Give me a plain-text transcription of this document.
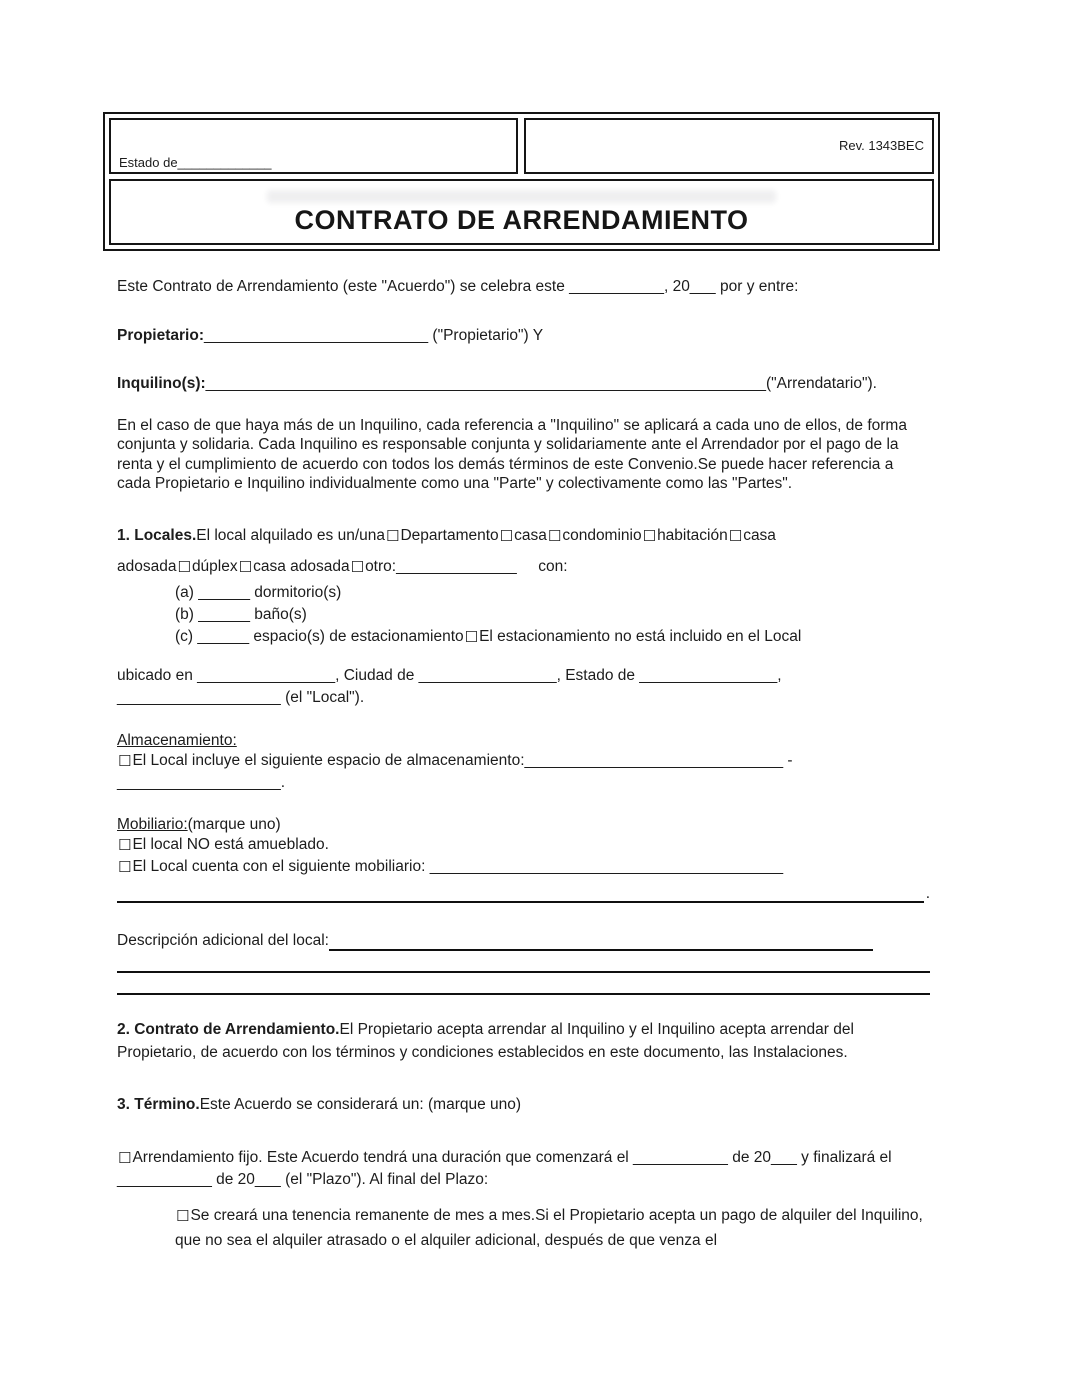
Estado de_____________
Rev. 1343BEC
CONTRATO DE ARRENDAMIENTO

Este Contrato de Arrendamiento (este "Acuerdo") se celebra este ___________, 20___ por y entre:

Propietario:__________________________ ("Propietario") Y

Inquilino(s):_________________________________________________________________("Arrendatario").

En el caso de que haya más de un Inquilino, cada referencia a "Inquilino" se aplicará a cada uno de ellos, de forma conjunta y solidaria. Cada Inquilino es responsable conjunta y solidariamente ante el Arrendador por el pago de la renta y el cumplimiento de acuerdo con todos los demás términos de este Convenio.Se puede hacer referencia a cada Propietario e Inquilino individualmente como una "Parte" y colectivamente como las "Partes".

1. Locales.El local alquilado es un/una☐Departamento☐casa☐condominio☐habitación☐casa adosada☐dúplex☐casa adosada☐otro:______________     con:

(a) ______ dormitorio(s)

(b) ______ baño(s)

(c) ______ espacio(s) de estacionamiento☐El estacionamiento no está incluido en el Local

ubicado en ________________, Ciudad de ________________, Estado de ________________,

___________________ (el "Local").

Almacenamiento:

☐El Local incluye el siguiente espacio de almacenamiento:______________________________ -

___________________.

Mobiliario:(marque uno)

☐El local NO está amueblado.

☐El Local cuenta con el siguiente mobiliario: _________________________________________

.
Descripción adicional del local:

2. Contrato de Arrendamiento.El Propietario acepta arrendar al Inquilino y el Inquilino acepta arrendar del Propietario, de acuerdo con los términos y condiciones establecidos en este documento, las Instalaciones.

3. Término.Este Acuerdo se considerará un: (marque uno)

☐Arrendamiento fijo. Este Acuerdo tendrá una duración que comenzará el ___________ de 20___ y finalizará el ___________ de 20___ (el "Plazo"). Al final del Plazo:

☐Se creará una tenencia remanente de mes a mes.Si el Propietario acepta un pago de alquiler del Inquilino, que no sea el alquiler atrasado o el alquiler adicional, después de que venza el
